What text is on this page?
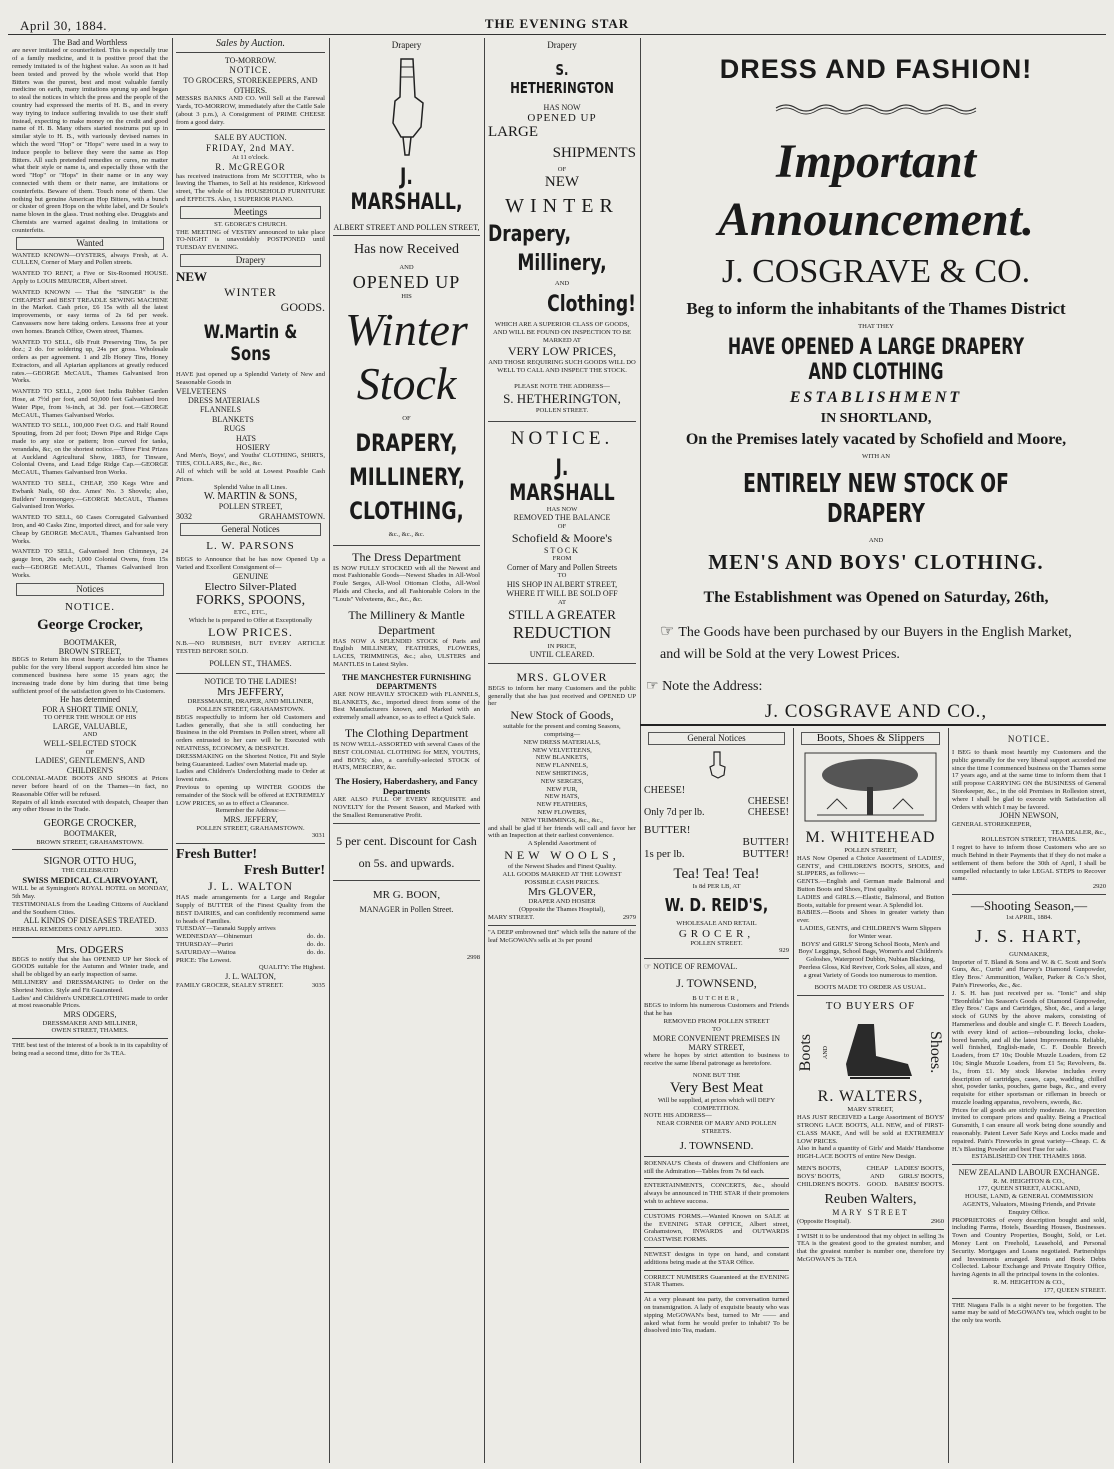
April 30, 1884.	THE EVENING STAR

The Bad and Worthless

are never imitated or counterfeited. This is especially true of a family medicine, and it is positive proof that the remedy imitated is of the highest value. As soon as it had been tested and proved by the whole world that Hop Bitters was the purest, best and most valuable family medicine on earth, many imitations sprung up and began to steal the notices in which the press and the people of the country had expressed the merits of H. B., and in every way trying to induce suffering invalids to use their stuff instead, expecting to make money on the credit and good name of H. B. Many others started nostrums put up in similar style to H. B., with variously devised names in which the word "Hop" or "Hops" were used in a way to induce people to believe they were the same as Hop Bitters. All such pretended remedies or cures, no matter what their style or name is, and especially those with the word "Hop" or "Hops" in their name or in any way connected with them or their name, are imitations or counterfeits. Beware of them. Touch none of them. Use nothing but genuine American Hop Bitters, with a bunch or cluster of green Hops on the white label, and Dr Soule's name blown in the glass. Trust nothing else. Druggists and Chemists are warned against dealing in imitations or counterfeits.

Wanted

WANTED KNOWN—OYSTERS, always Fresh, at A. CULLEN, Corner of Mary and Pollen streets.

WANTED TO RENT, a Five or Six-Roomed HOUSE. Apply to LOUIS MEURCER, Albert street.

WANTED KNOWN — That the "SINGER" is the CHEAPEST and BEST TREADLE SEWING MACHINE in the Market. Cash price, £6 15s with all the latest improvements, or easy terms of 2s 6d per week. Canvassers now here taking orders. Lessons free at your own homes. Branch Office, Owen street, Thames.

WANTED TO SELL, 6lb Fruit Preserving Tins, 5s per doz.; 2 do. for soldering up, 24s per gross. Wholesale orders as per agreement. 1 and 2lb Honey Tins, Honey Extractors, and all Apiarian appliances at greatly reduced rates.—GEORGE McCAUL, Thames Galvanised Iron Works.

WANTED TO SELL, 2,000 feet India Rubber Garden Hose, at 7½d per foot, and 50,000 feet Galvanised Iron Water Pipe, from ⅛-inch, at 3d. per foot.—GEORGE McCAUL, Thames Galvanised Works.

WANTED TO SELL, 100,000 Feet O.G. and Half Round Spouting, from 2d per foot; Down Pipe and Ridge Caps made to any size or pattern; Iron curved for tanks, verandahs, &c, on the shortest notice.—Three First Prizes at Auckland Agricultural Show, 1883, for Tinware, Colonial Ovens, and Lead Edge Ridge Cap.—GEORGE McCAUL, Thames Galvanised Iron Works.

WANTED TO SELL, CHEAP, 350 Kegs Wire and Ewbank Nails, 60 doz. Ames' No. 3 Shovels; also, Builders' Ironmongery.—GEORGE McCAUL, Thames Galvanised Iron Works.

WANTED TO SELL, 60 Cases Corrugated Galvanised Iron, and 40 Casks Zinc, imported direct, and for sale very Cheap by GEORGE McCAUL, Thames Galvanised Iron Works.

WANTED TO SELL, Galvanised Iron Chimneys, 24 gauge Iron, 20s each; 1,000 Colonial Ovens, from 15s each—GEORGE McCAUL, Thames Galvanised Iron Works.

Notices

NOTICE.

George Crocker,

BOOTMAKER,

BROWN STREET,

BEGS to Return his most hearty thanks to the Thames public for the very liberal support accorded him since he commenced business here some 15 years ago; the increasing trade done by him during that time being sufficient proof of the satisfaction given to his Customers.

He has determined

FOR A SHORT TIME ONLY,

TO OFFER THE WHOLE OF HIS

LARGE, VALUABLE,

AND

WELL-SELECTED STOCK

OF

LADIES', GENTLEMEN'S, AND CHILDREN'S

COLONIAL-MADE BOOTS AND SHOES at Prices never before heard of on the Thames—in fact, no Reasonable Offer will be refused.

Repairs of all kinds executed with despatch, Cheaper than any other House in the Trade.

GEORGE CROCKER,

BOOTMAKER,

BROWN STREET, GRAHAMSTOWN.

SIGNOR OTTO HUG,

THE CELEBRATED

SWISS MEDICAL CLAIRVOYANT,

WILL be at Symington's ROYAL HOTEL on MONDAY, 5th May.

TESTIMONIALS from the Leading Citizens of Auckland and the Southern Cities.

ALL KINDS OF DISEASES TREATED.

HERBAL REMEDIES ONLY APPLIED.	3033

Mrs. ODGERS

BEGS to notify that she has OPENED UP her Stock of GOODS suitable for the Autumn and Winter trade, and shall be obliged by an early inspection of same.

MILLINERY and DRESSMAKING to Order on the Shortest Notice. Style and Fit Guaranteed.

Ladies' and Children's UNDERCLOTHING made to order at most reasonable Prices.

MRS ODGERS,

DRESSMAKER AND MILLINER,

OWEN STREET, THAMES.

THE best test of the interest of a book is in its capability of being read a second time, ditto for 3s TEA.

Sales by Auction.

TO-MORROW.

NOTICE.

TO GROCERS, STOREKEEPERS, AND OTHERS.

MESSRS BANKS AND CO. Will Sell at the Farewal Yards, TO-MORROW, immediately after the Cattle Sale (about 3 p.m.), A Consignment of PRIME CHEESE from a good dairy.

SALE BY AUCTION.

FRIDAY, 2nd MAY.

At 11 o'clock.

R. McGREGOR

has received instructions from Mr SCOTTER, who is leaving the Thames, to Sell at his residence, Kirkwood street, The whole of his HOUSEHOLD FURNITURE and EFFECTS. Also, 1 SUPERIOR PIANO.

Meetings

ST. GEORGE'S CHURCH.

THE MEETING of VESTRY announced to take place TO-NIGHT is unavoidably POSTPONED until TUESDAY EVENING.

Drapery

NEW

WINTER

GOODS.

W.Martin & Sons

HAVE just opened up a Splendid Variety of New and Seasonable Goods in

VELVETEENS

DRESS MATERIALS

FLANNELS

BLANKETS

RUGS

HATS

HOSIERY

And Men's, Boys', and Youths' CLOTHING, SHIRTS, TIES, COLLARS, &c., &c., &c.

All of which will be sold at Lowest Possible Cash Prices.

Splendid Value in all Lines.

W. MARTIN & SONS,

POLLEN STREET,

3032	GRAHAMSTOWN.
General Notices

L. W. PARSONS

BEGS to Announce that he has now Opened Up a Varied and Excellent Consignment of—

GENUINE

Electro Silver-Plated

FORKS, SPOONS,

ETC., ETC.,

Which he is prepared to Offer at Exceptionally

LOW PRICES.

N.B.—NO RUBBISH, BUT EVERY ARTICLE TESTED BEFORE SOLD.

POLLEN ST., THAMES.

NOTICE TO THE LADIES!

Mrs JEFFERY,

DRESSMAKER, DRAPER, AND MILLINER, POLLEN STREET, GRAHAMSTOWN.

BEGS respectfully to inform her old Customers and Ladies generally, that she is still conducting her Business in the old Premises in Pollen street, where all orders entrusted to her care will be Executed with NEATNESS, ECONOMY, & DESPATCH.

DRESSMAKING on the Shortest Notice, Fit and Style being Guaranteed. Ladies' own Material made up.

Ladies and Children's Underclothing made to Order at lowest rates.

Previous to opening up WINTER GOODS the remainder of the Stock will be offered at EXTREMELY LOW PRICES, so as to effect a Clearance.

Remember the Address:—

MRS. JEFFERY,

POLLEN STREET, GRAHAMSTOWN.

3031

Fresh Butter!

Fresh Butter!

J. L. WALTON

HAS made arrangements for a Large and Regular Supply of BUTTER of the Finest Quality from the BEST DAIRIES, and can confidently recommend same to heads of Families.

TUESDAY—Taranaki Supply arrives
WEDNESDAY—Ohinemuri	do. do.
THURSDAY—Puriri	do. do.
SATURDAY—Waitoa	do. do.

PRICE: The Lowest.

QUALITY: The Highest.

J. L. WALTON,

FAMILY GROCER, SEALEY STREET.	3035
Drapery

J. MARSHALL,

ALBERT STREET AND POLLEN STREET,

Has now Received

AND

OPENED UP

HIS

Winter

Stock

OF

DRAPERY,

MILLINERY,

CLOTHING,

&c., &c., &c.

The Dress Department

IS NOW FULLY STOCKED with all the Newest and most Fashionable Goods—Newest Shades in All-Wool Foule Serges, All-Wool Ottoman Cloths, All-Wool Plaids and Checks, and all Fashionable Colors in the "Louis" Velveteens, &c., &c., &c.

The Millinery & Mantle Department

HAS NOW A SPLENDID STOCK of Paris and English MILLINERY, FEATHERS, FLOWERS, LACES, TRIMMINGS, &c.; also, ULSTERS and MANTLES in Latest Styles.

THE MANCHESTER FURNISHING DEPARTMENTS

ARE NOW HEAVILY STOCKED with FLANNELS, BLANKETS, &c., imported direct from some of the Best Manufacturers known, and Marked with an extremely small advance, so as to effect a Quick Sale.

The Clothing Department

IS NOW WELL-ASSORTED with several Cases of the BEST COLONIAL CLOTHING for MEN, YOUTHS, and BOYS; also, a carefully-selected STOCK of HATS, MERCERY, &c.

The Hosiery, Haberdashery, and Fancy Departments

ARE ALSO FULL OF EVERY REQUISITE and NOVELTY for the Present Season, and Marked with the Smallest Remunerative Profit.

5 per cent. Discount for Cash on 5s. and upwards.

MR G. BOON,

MANAGER in Pollen Street.

2998

Drapery

S. HETHERINGTON

HAS NOW

OPENED UP

LARGE

SHIPMENTS

OF

NEW

WINTER

Drapery,

Millinery,

AND

Clothing!

WHICH ARE A SUPERIOR CLASS OF GOODS, AND WILL BE FOUND ON INSPECTION TO BE MARKED AT

VERY LOW PRICES,

AND THOSE REQUIRING SUCH GOODS WILL DO WELL TO CALL AND INSPECT THE STOCK.

PLEASE NOTE THE ADDRESS—

S. HETHERINGTON,

POLLEN STREET.

NOTICE.

J. MARSHALL

HAS NOW

REMOVED THE BALANCE

OF

Schofield & Moore's

STOCK

FROM

Corner of Mary and Pollen Streets

TO

HIS SHOP IN ALBERT STREET,

WHERE IT WILL BE SOLD OFF

AT

STILL A GREATER

REDUCTION

IN PRICE,

UNTIL CLEARED.

MRS. GLOVER

BEGS to inform her many Customers and the public generally that she has just received and OPENED UP her

New Stock of Goods,

suitable for the present and coming Seasons, comprising—

NEW DRESS MATERIALS,

NEW VELVETEENS,

NEW BLANKETS,

NEW FLANNELS,

NEW SHIRTINGS,

NEW SERGES,

NEW FUR,

NEW HATS,

NEW FEATHERS,

NEW FLOWERS,

NEW TRIMMINGS, &c., &c.,

and shall be glad if her friends will call and favor her with an Inspection at their earliest convenience.

A Splendid Assortment of

NEW WOOLS,

of the Newest Shades and Finest Quality.

ALL GOODS MARKED AT THE LOWEST POSSIBLE CASH PRICES.

Mrs GLOVER,

DRAPER AND HOSIER

(Opposite the Thames Hospital),

MARY STREET.	2979

"A DEEP embrowned tint" which tells the nature of the leaf McGOWAN's sells at 3s per pound

DRESS AND FASHION!

Important Announcement.

J. COSGRAVE & CO.

Beg to inform the inhabitants of the Thames District

THAT THEY

HAVE OPENED A LARGE DRAPERY AND CLOTHING

ESTABLISHMENT

IN SHORTLAND,

On the Premises lately vacated by Schofield and Moore,

WITH AN

ENTIRELY NEW STOCK OF DRAPERY

AND

MEN'S AND BOYS' CLOTHING.

The Establishment was Opened on Saturday, 26th,

☞ The Goods have been purchased by our Buyers in the English Market, and will be Sold at the very Lowest Prices.

☞ Note the Address:

J. COSGRAVE AND CO.,

General Notices

CHEESE!

CHEESE!

Only 7d per lb.	CHEESE!

BUTTER!

BUTTER!

1s per lb.	BUTTER!

Tea! Tea! Tea!

Is 8d PER LB, AT

W. D. REID'S,

WHOLESALE AND RETAIL

GROCER,

POLLEN STREET.

929

☞ NOTICE OF REMOVAL.

J. TOWNSEND,

BUTCHER,

BEGS to inform his numerous Customers and Friends that he has

REMOVED FROM POLLEN STREET

TO

MORE CONVENIENT PREMISES IN MARY STREET,

where he hopes by strict attention to business to receive the same liberal patronage as heretofore.

NONE BUT THE

Very Best Meat

Will be supplied, at prices which will DEFY COMPETITION.

NOTE HIS ADDRESS—

NEAR CORNER OF MARY AND POLLEN STREETS.

J. TOWNSEND.

ROENNAU'S Chests of drawers and Chiffoniers are still the Admiration—Tables from 7s 6d each.

ENTERTAINMENTS, CONCERTS, &c., should always be announced in THE STAR if their promoters wish to achieve success.

CUSTOMS FORMS.—Wanted Known on SALE at the EVENING STAR OFFICE, Albert street, Grahamstown, INWARDS and OUTWARDS COASTWISE FORMS.

NEWEST designs in type on hand, and constant additions being made at the STAR Office.

CORRECT NUMBERS Guaranteed at the EVENING STAR Thames.

At a very pleasant tea party, the conversation turned on transmigration. A lady of exquisite beauty who was sipping McGOWAN's best, turned to Mr —— and asked what form he would prefer to inhabit? To be dissolved into Tea, madam.

Boots, Shoes & Slippers

M. WHITEHEAD

POLLEN STREET,

HAS Now Opened a Choice Assortment of LADIES', GENTS', and CHILDREN'S BOOTS, SHOES, and SLIPPERS, as follows:—

GENTS.—English and German made Balmoral and Button Boots and Shoes, First quality.

LADIES and GIRLS.—Elastic, Balmoral, and Button Boots, suitable for present wear. A Splendid lot.

BABIES.—Boots and Shoes in greater variety than ever.

LADIES, GENTS, and CHILDREN'S Warm Slippers for Winter wear.

BOYS' and GIRLS' Strong School Boots, Men's and Boys' Leggings, School Bags, Women's and Children's Goloshes, Waterproof Dubbin, Nubian Blacking, Peerless Gloss, Kid Reviver, Cork Soles, all sizes, and a great Variety of Goods too numerous to mention.

BOOTS MADE TO ORDER AS USUAL.

TO BUYERS OF

Boots AND	Shoes.

R. WALTERS,

MARY STREET,

HAS JUST RECEIVED a Large Assortment of BOYS' STRONG LACE BOOTS, ALL NEW, and of FIRST-CLASS MAKE, And will be sold at EXTREMELY LOW PRICES.

Also in hand a quantity of Girls' and Maids' Handsome HIGH-LACE BOOTS of entire New Design.

MEN'S BOOTS,

BOYS' BOOTS,

CHILDREN'S BOOTS.

CHEAP

AND

GOOD.

LADIES' BOOTS,

GIRLS' BOOTS,

BABIES' BOOTS.

Reuben Walters,

MARY STREET

(Opposite Hospital).	2960

I WISH it to be understood that my object in selling 3s TEA is the greatest good to the greatest number, and that the greatest number is number one, therefore try McGOWAN'S 3s TEA

NOTICE.

I BEG to thank most heartily my Customers and the public generally for the very liberal support accorded me since the time I commenced business on the Thames some 17 years ago, and at the same time to inform them that I still propose CARRYING ON the BUSINESS of General Storekeeper, &c., in the old Premises in Rolleston street, where I shall be glad to execute with Satisfaction all Orders with which I may be favored.

JOHN NEWSON,

GENERAL STOREKEEPER,

TEA DEALER, &c.,

ROLLESTON STREET, THAMES.

I regret to have to inform those Customers who are so much Behind in their Payments that if they do not make a settlement of them before the 30th of April, I shall be compelled reluctantly to take LEGAL STEPS to Recover same.

2920

—Shooting Season,—

1st APRIL, 1884.

J. S. HART,

GUNMAKER,

Importer of T. Bland & Sons and W. & C. Scott and Son's Guns, &c., Curtis' and Harvey's Diamond Gunpowder, Eley Bros.' Ammunition, Walker, Parker & Co.'s Shot, Pain's Fireworks, &c., &c.

J. S. H. has just received per ss. "Ionic" and ship "Bronhilda" his Season's Goods of Diamond Gunpowder, Eley Bros.' Caps and Cartridges, Shot, &c., and a large stock of GUNS by the above makers, consisting of Hammerless and double and single C. F. Breech Loaders, with every kind of action—rebounding locks, choke-bored barrels, and all the latest Improvements. Reliable, well finished, English-made, C. F. Double Breech Loaders, from £7 10s; Double Muzzle Loaders, from £2 10s; Single Muzzle Loaders, from £1 5s; Revolvers, 8s. 1s., from £1. My stock likewise includes every description of cartridges, cases, caps, wadding, chilled shot, powder tanks, pouches, game bags, &c., and every requisite for either sportsman or rifleman in breech or muzzle loading apparatus, revolvers, swords, &c.

Prices for all goods are strictly moderate. An inspection invited to compare prices and quality. Being a Practical Gunsmith, I can ensure all work being done soundly and reasonably. Patent Lever Safe Keys and Locks made and repaired. Pain's Fireworks in great variety—Cheap. C. & H.'s Blasting Powder and best Fuse for sale.

ESTABLISHED ON THE THAMES 1868.

NEW ZEALAND LABOUR EXCHANGE.

R. M. HEIGHTON & CO.,

177, QUEEN STREET, AUCKLAND,

HOUSE, LAND, & GENERAL COMMISSION AGENTS, Valuators, Missing Friends, and Private Enquiry Office.

PROPRIETORS of every description bought and sold, including Farms, Hotels, Boarding Houses, Businesses. Town and Country Properties, Bought, Sold, or Let. Money Lent on Freehold, Leasehold, and Personal Security. Mortgages and Loans negotiated. Partnerships and Investments arranged. Rents and Book Debts Collected. Labour Exchange and Private Enquiry Office, having Agents in all the principal towns in the colonies.

R. M. HEIGHTON & CO.,

177, QUEEN STREET.

THE Niagara Falls is a sight never to be forgotten. The same may be said of McGOWAN's tea, which ought to be the only tea worth.
